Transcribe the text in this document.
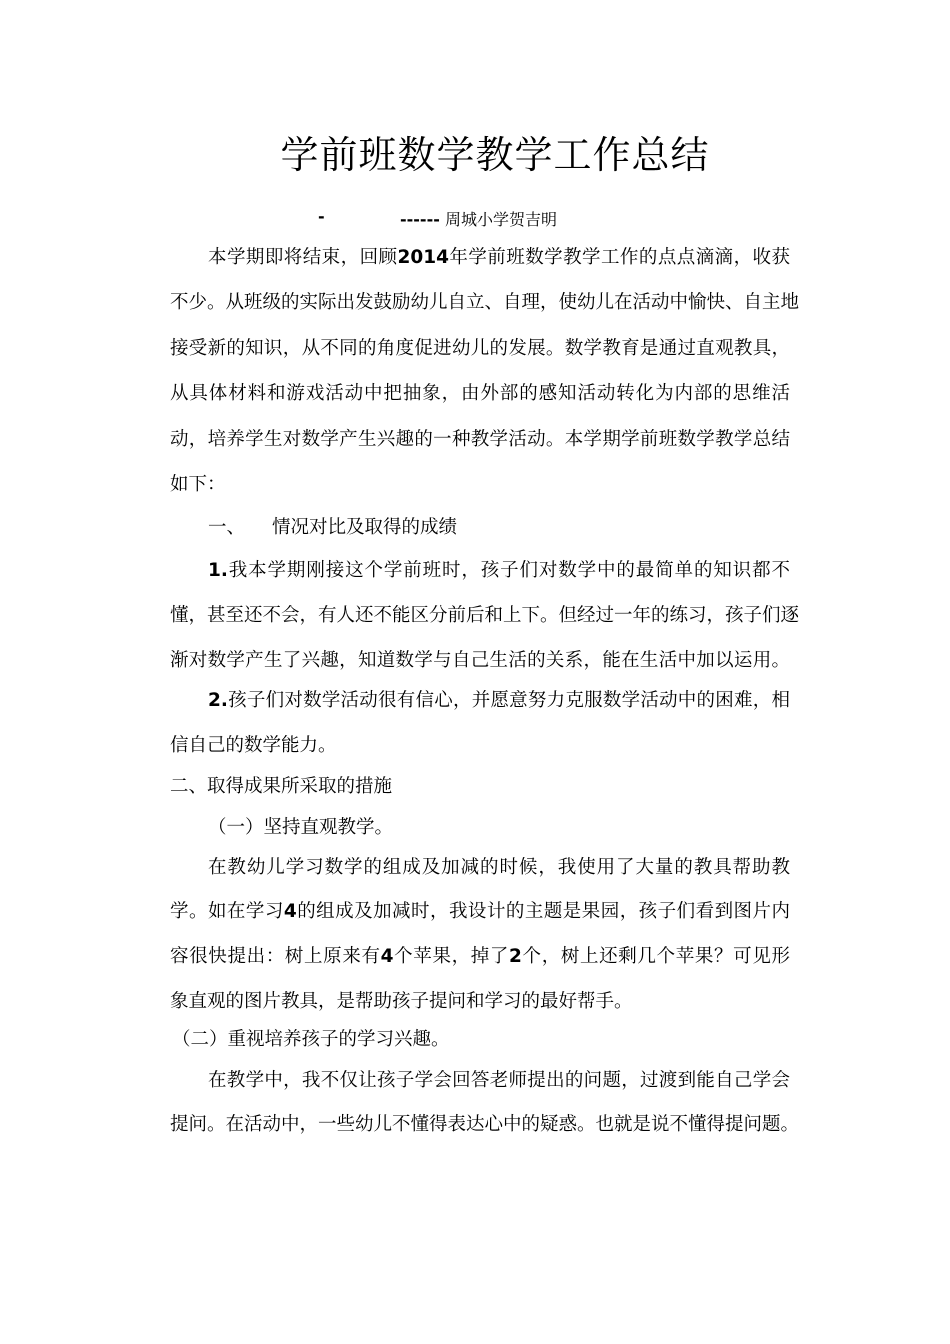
学前班数学教学工作总结
-	------ 周城小学贺吉明
本学期即将结束，回顾2014年学前班数学教学工作的点点滴滴，收获
不少。从班级的实际出发鼓励幼儿自立、自理，使幼儿在活动中愉快、自主地
接受新的知识，从不同的角度促进幼儿的发展。数学教育是通过直观教具，
从具体材料和游戏活动中把抽象，由外部的感知活动转化为内部的思维活
动，培养学生对数学产生兴趣的一种教学活动。本学期学前班数学教学总结
如下：
一、 情况对比及取得的成绩
1.我本学期刚接这个学前班时，孩子们对数学中的最简单的知识都不
懂，甚至还不会，有人还不能区分前后和上下。但经过一年的练习，孩子们逐
渐对数学产生了兴趣，知道数学与自己生活的关系，能在生活中加以运用。
2.孩子们对数学活动很有信心，并愿意努力克服数学活动中的困难，相
信自己的数学能力。
二、取得成果所采取的措施
（一）坚持直观教学。
在教幼儿学习数学的组成及加减的时候，我使用了大量的教具帮助教
学。如在学习4的组成及加减时，我设计的主题是果园，孩子们看到图片内
容很快提出：树上原来有4个苹果，掉了2个，树上还剩几个苹果？可见形
象直观的图片教具，是帮助孩子提问和学习的最好帮手。
（二）重视培养孩子的学习兴趣。
在教学中，我不仅让孩子学会回答老师提出的问题，过渡到能自己学会
提问。在活动中，一些幼儿不懂得表达心中的疑惑。也就是说不懂得提问题。
